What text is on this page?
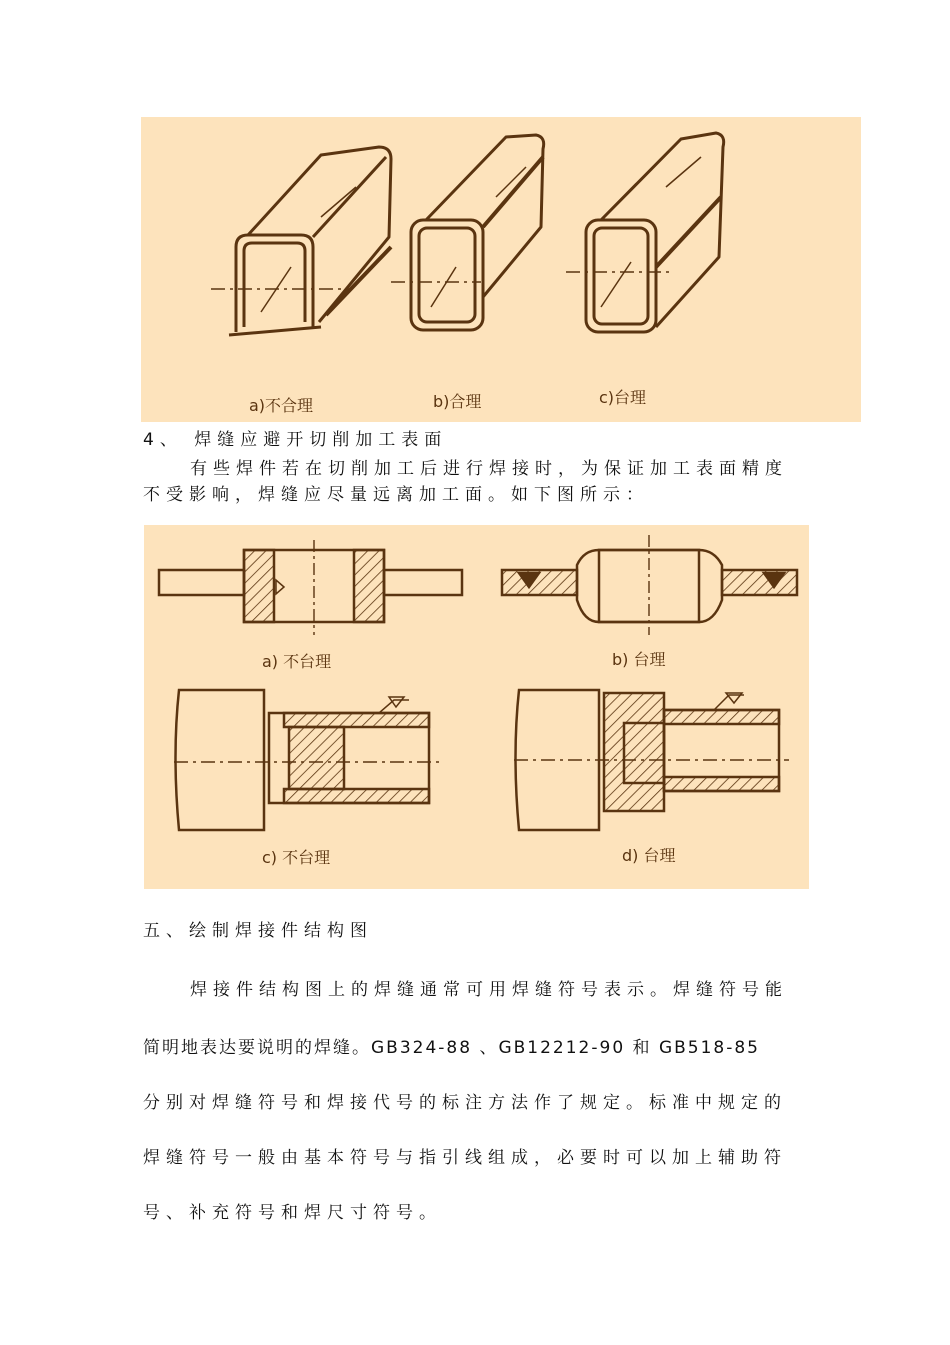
a)不合理	b)合理	c)台理
4、 焊缝应避开切削加工表面
有些焊件若在切削加工后进行焊接时，为保证加工表面精度
不受影响，焊缝应尽量远离加工面。如下图所示：
a) 不台理	b) 台理
c) 不台理	d) 台理
五、绘制焊接件结构图
焊接件结构图上的焊缝通常可用焊缝符号表示。焊缝符号能
简明地表达要说明的焊缝。GB324-88 、GB12212-90 和 GB518-85
分别对焊缝符号和焊接代号的标注方法作了规定。标准中规定的
焊缝符号一般由基本符号与指引线组成，必要时可以加上辅助符
号、补充符号和焊尺寸符号。
